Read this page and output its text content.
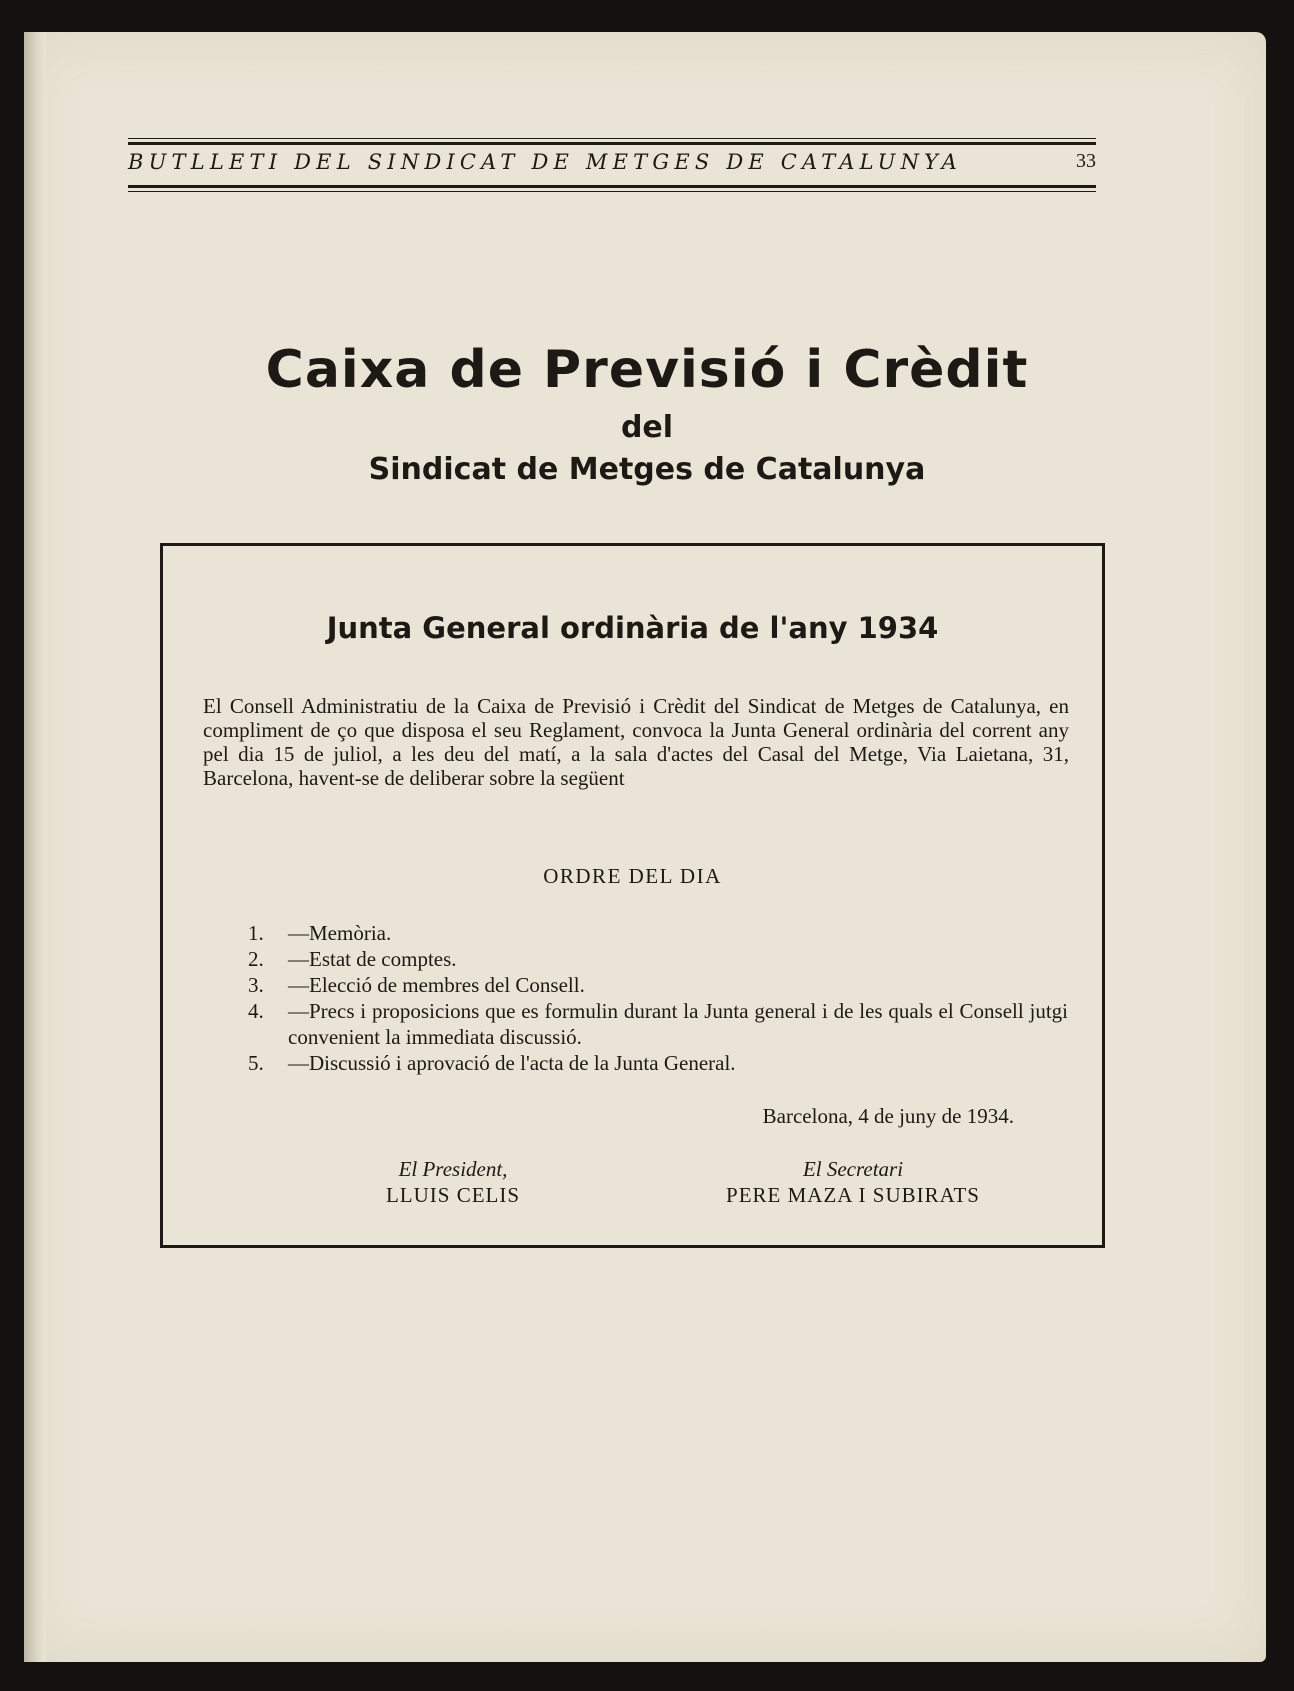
BUTLLETI DEL SINDICAT DE METGES DE CATALUNYA	33
Caixa de Previsió i Crèdit
del
Sindicat de Metges de Catalunya
Junta General ordinària de l'any 1934
El Consell Administratiu de la Caixa de Previsió i Crèdit del Sindicat de Metges de Catalunya, en compliment de ço que disposa el seu Reglament, convoca la Junta General ordinària del corrent any pel dia 15 de juliol, a les deu del matí, a la sala d'actes del Casal del Metge, Via Laietana, 31, Barcelona, havent-se de deliberar sobre la següent
ORDRE DEL DIA
1. —Memòria.
2. —Estat de comptes.
3. —Elecció de membres del Consell.
4. —Precs i proposicions que es formulin durant la Junta general i de les quals el Consell jutgi convenient la immediata discussió.
5. —Discussió i aprovació de l'acta de la Junta General.
Barcelona, 4 de juny de 1934.
El President,
LLUIS CELIS
El Secretari
PERE MAZA I SUBIRATS
